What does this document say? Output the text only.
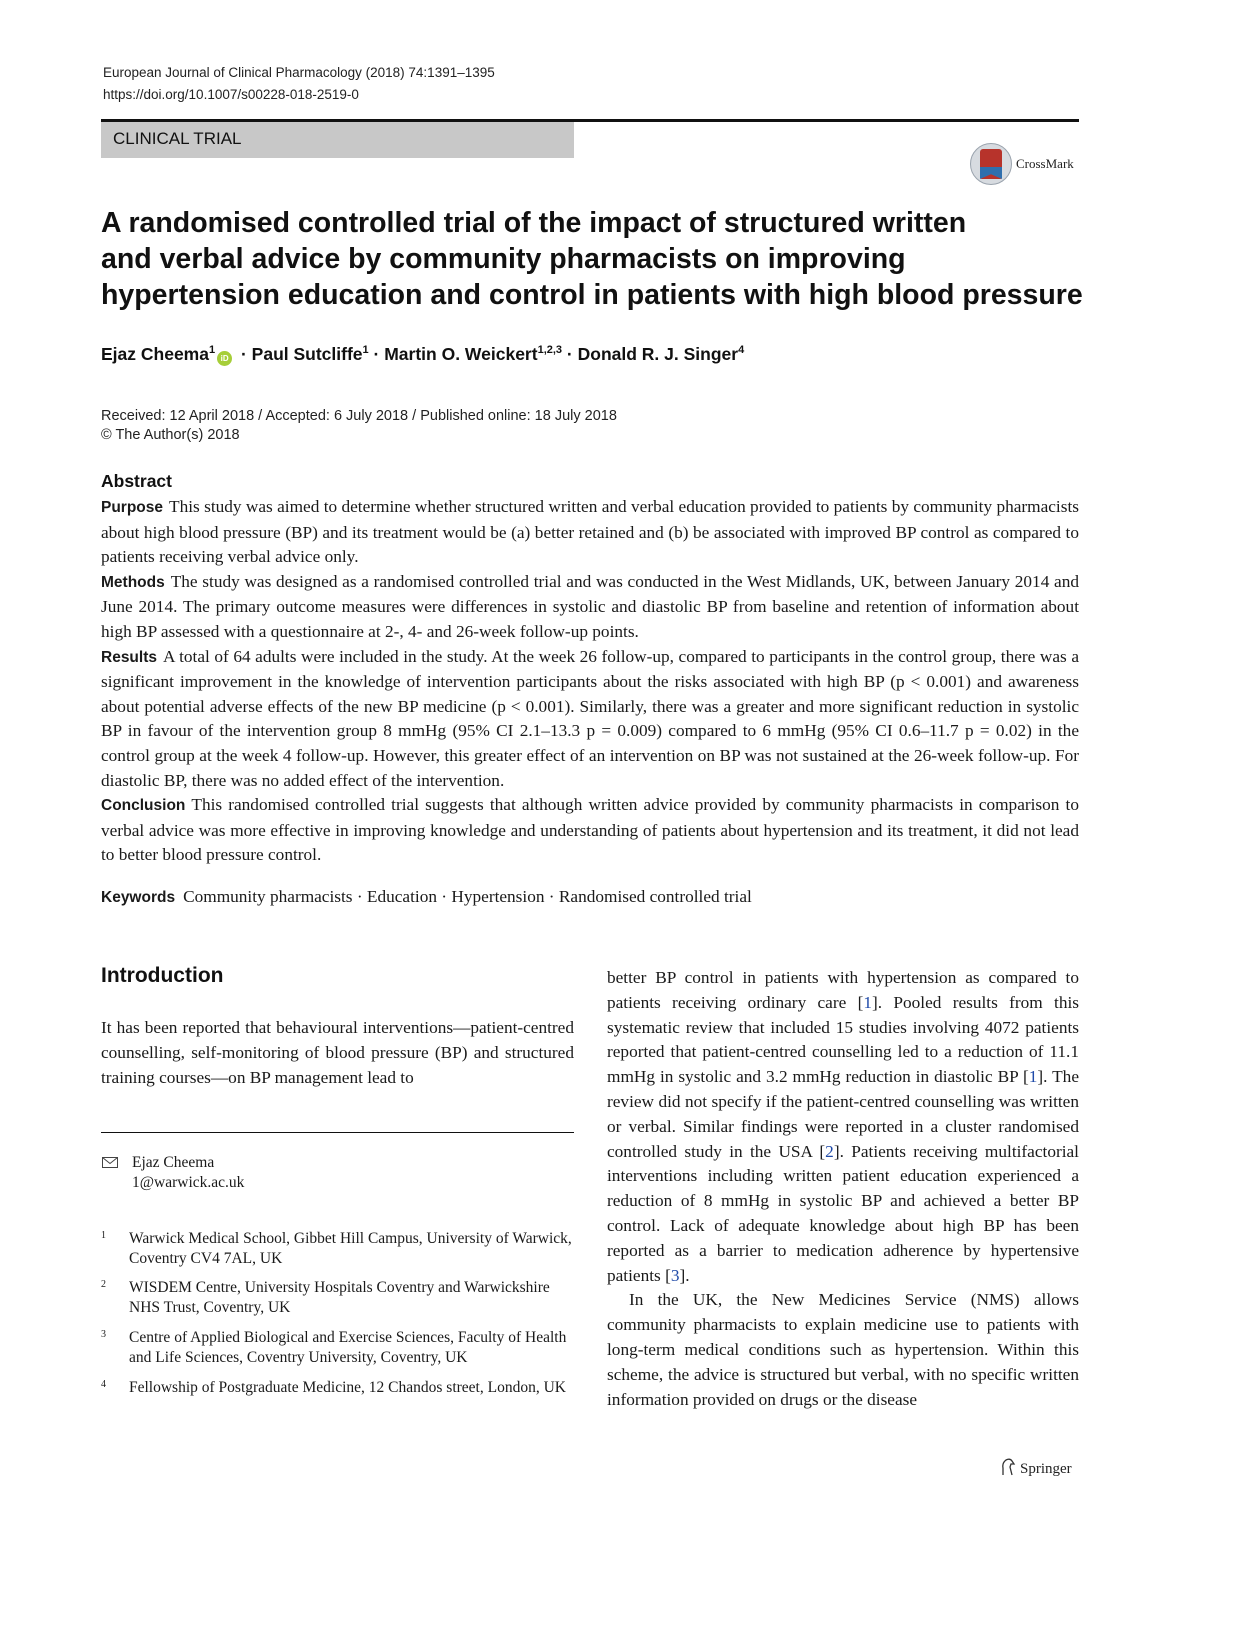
European Journal of Clinical Pharmacology (2018) 74:1391–1395
https://doi.org/10.1007/s00228-018-2519-0
CLINICAL TRIAL
CrossMark
A randomised controlled trial of the impact of structured written
and verbal advice by community pharmacists on improving
hypertension education and control in patients with high blood pressure
Ejaz Cheema$^1$iD · Paul Sutcliffe$^1$ · Martin O. Weickert$^{1,2,3}$ · Donald R. J. Singer$^4$
Received: 12 April 2018 / Accepted: 6 July 2018 / Published online: 18 July 2018
© The Author(s) 2018
Abstract

Purpose This study was aimed to determine whether structured written and verbal education provided to patients by community pharmacists about high blood pressure (BP) and its treatment would be (a) better retained and (b) be associated with improved BP control as compared to patients receiving verbal advice only.

Methods The study was designed as a randomised controlled trial and was conducted in the West Midlands, UK, between January 2014 and June 2014. The primary outcome measures were differences in systolic and diastolic BP from baseline and retention of information about high BP assessed with a questionnaire at 2-, 4- and 26-week follow-up points.

Results A total of 64 adults were included in the study. At the week 26 follow-up, compared to participants in the control group, there was a significant improvement in the knowledge of intervention participants about the risks associated with high BP (p < 0.001) and awareness about potential adverse effects of the new BP medicine (p < 0.001). Similarly, there was a greater and more significant reduction in systolic BP in favour of the intervention group 8 mmHg (95% CI 2.1–13.3 p = 0.009) compared to 6 mmHg (95% CI 0.6–11.7 p = 0.02) in the control group at the week 4 follow-up. However, this greater effect of an intervention on BP was not sustained at the 26-week follow-up. For diastolic BP, there was no added effect of the intervention.

Conclusion This randomised controlled trial suggests that although written advice provided by community pharmacists in comparison to verbal advice was more effective in improving knowledge and understanding of patients about hypertension and its treatment, it did not lead to better blood pressure control.

Keywords Community pharmacists · Education · Hypertension · Randomised controlled trial
Introduction

It has been reported that behavioural interventions—patient-centred counselling, self-monitoring of blood pressure (BP) and structured training courses—on BP management lead to

better BP control in patients with hypertension as compared to patients receiving ordinary care [1]. Pooled results from this systematic review that included 15 studies involving 4072 patients reported that patient-centred counselling led to a reduction of 11.1 mmHg in systolic and 3.2 mmHg reduction in diastolic BP [1]. The review did not specify if the patient-centred counselling was written or verbal. Similar findings were reported in a cluster randomised controlled study in the USA [2]. Patients receiving multifactorial interventions including written patient education experienced a reduction of 8 mmHg in systolic BP and achieved a better BP control. Lack of adequate knowledge about high BP has been reported as a barrier to medication adherence by hypertensive patients [3].

In the UK, the New Medicines Service (NMS) allows community pharmacists to explain medicine use to patients with long-term medical conditions such as hypertension. Within this scheme, the advice is structured but verbal, with no specific written information provided on drugs or the disease

Ejaz Cheema
1@warwick.ac.uk
1 Warwick Medical School, Gibbet Hill Campus, University of Warwick, Coventry CV4 7AL, UK
2 WISDEM Centre, University Hospitals Coventry and Warwickshire NHS Trust, Coventry, UK
3 Centre of Applied Biological and Exercise Sciences, Faculty of Health and Life Sciences, Coventry University, Coventry, UK
4 Fellowship of Postgraduate Medicine, 12 Chandos street, London, UK
Springer
